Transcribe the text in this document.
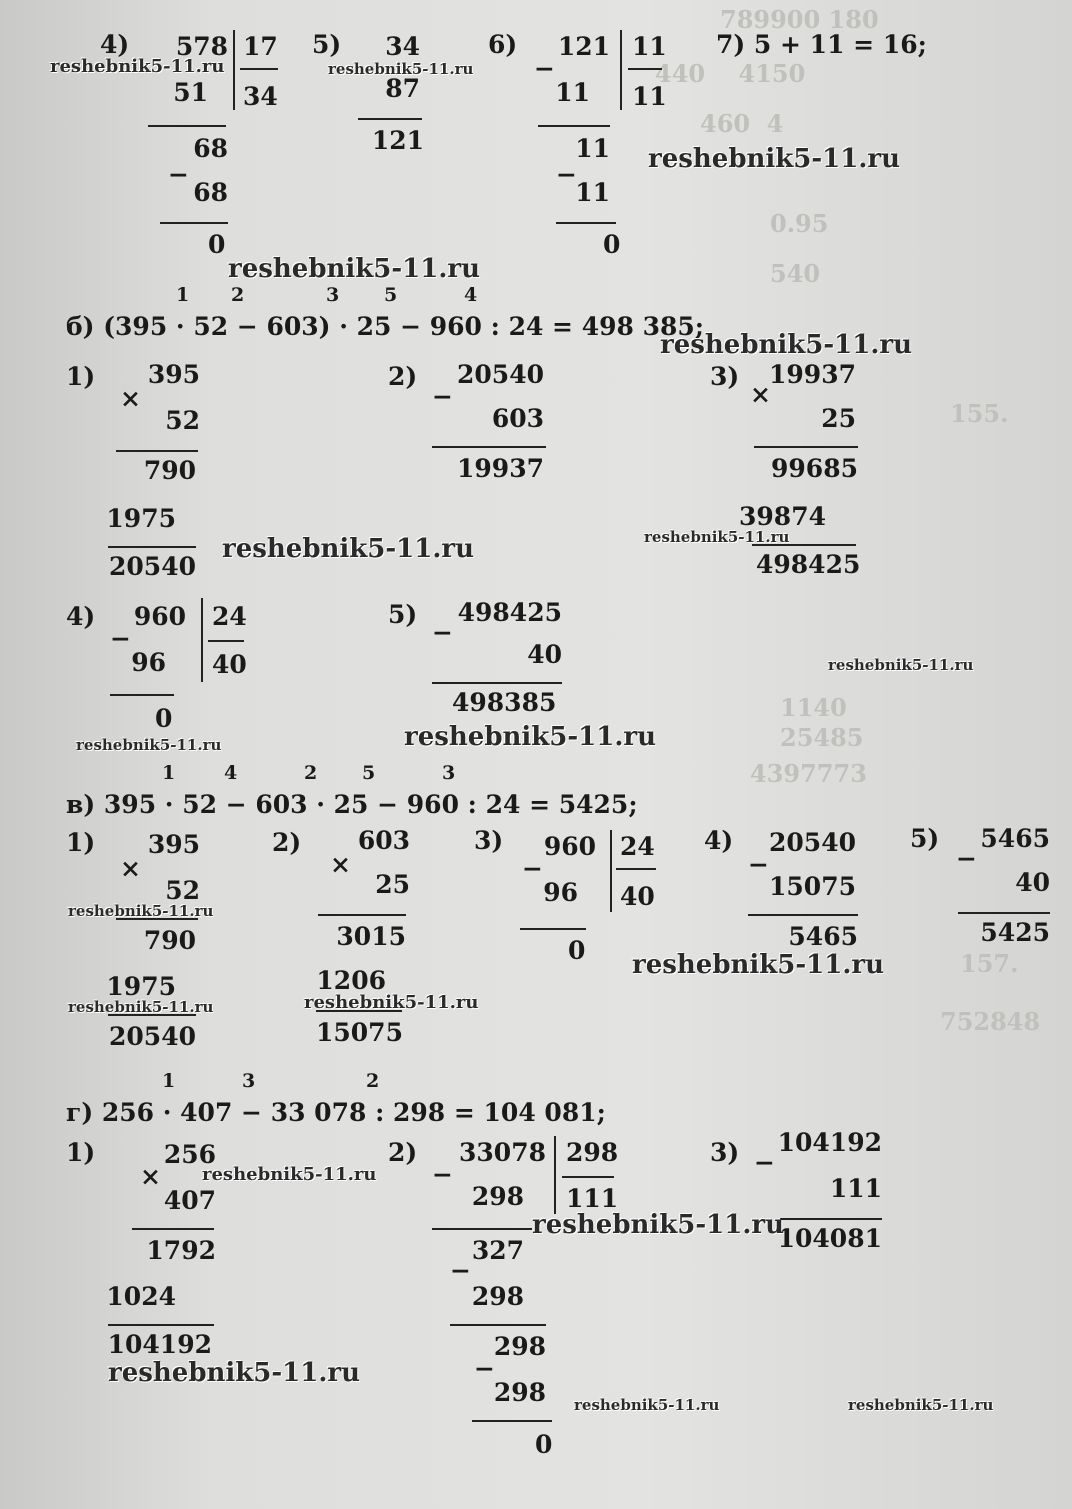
789900 180
440    4150
460  4
0.95
540
155.
1140
25485
4397773
157.
752848
4)	578 17
51 34
68
−
68
0
5)	34
87
121
6)	121
−
11
11 11
11
−
11
0
7) 5 + 11 = 16;
1 2	3 5	4
б) (395 · 52 − 603) · 25 − 960 : 24 = 498 385;
1)	395
×
52
790
1975
20540
2)	20540
−
603
19937
3)	19937
×
25
99685
39874
498425
4)	960
−
24
96 40
0
5) 498425
−
40
498385
1	4	2 5	3
в) 395 · 52 − 603 · 25 − 960 : 24 = 5425;
1)	395
×
52
790
1975
20540
2)	603
×
25
3015
1206
15075
3) 960
−
24
96 40
0
4)	20540
−
15075
5465
5)	5465
−
40
5425
1	3	2
г) 256 · 407 − 33 078 : 298 = 104 081;
1)	256
×
407
1792
1024
104192
2)	33078
−
298
298 111
327
−
298
298
−
298
0
3)	104192
−
111
104081
reshebnik5-11.ru	reshebnik5-11.ru
reshebnik5-11.ru
reshebnik5-11.ru
reshebnik5-11.ru
reshebnik5-11.ru	reshebnik5-11.ru
reshebnik5-11.ru
reshebnik5-11.ru	reshebnik5-11.ru
reshebnik5-11.ru
reshebnik5-11.ru
reshebnik5-11.ru	reshebnik5-11.ru
reshebnik5-11.ru
reshebnik5-11.ru
reshebnik5-11.ru
reshebnik5-11.ru	reshebnik5-11.ru
